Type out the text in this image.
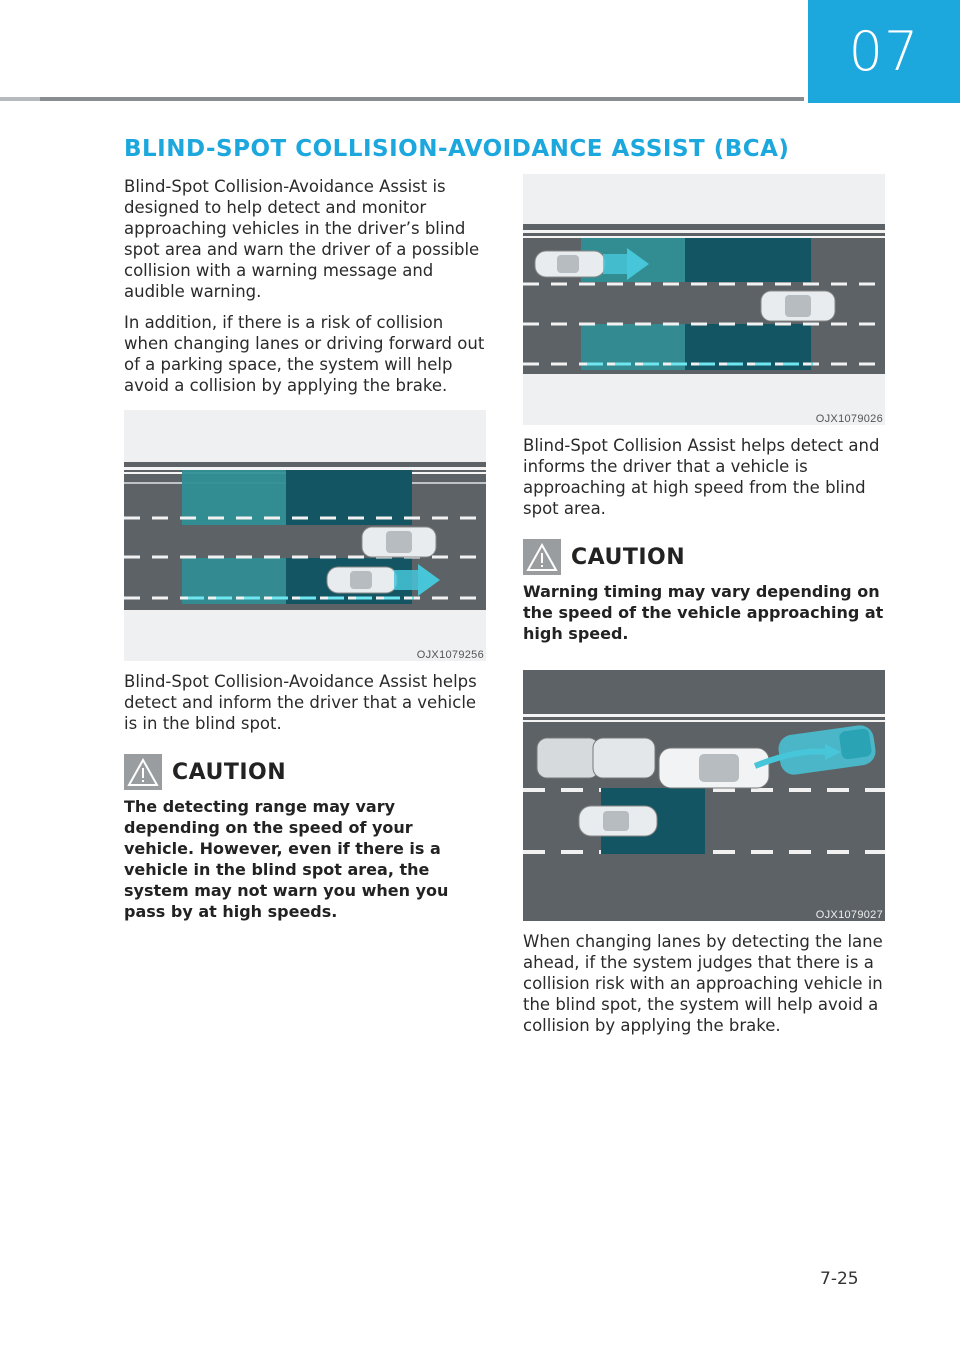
07
BLIND-SPOT COLLISION-AVOIDANCE ASSIST (BCA)

Blind-Spot Collision-Avoidance Assist is designed to help detect and monitor approaching vehicles in the driver’s blind spot area and warn the driver of a possible collision with a warning message and audible warning.

In addition, if there is a risk of collision when changing lanes or driving forward out of a parking space, the system will help avoid a collision by applying the brake.

OJX1079256

Blind-Spot Collision-Avoidance Assist helps detect and inform the driver that a vehicle is in the blind spot.

CAUTION

The detecting range may vary depending on the speed of your vehicle. However, even if there is a vehicle in the blind spot area, the system may not warn you when you pass by at high speeds.

OJX1079026

Blind-Spot Collision Assist helps detect and informs the driver that a vehicle is approaching at high speed from the blind spot area.

CAUTION

Warning timing may vary depending on the speed of the vehicle approaching at high speed.

OJX1079027

When changing lanes by detecting the lane ahead, if the system judges that there is a collision risk with an approaching vehicle in the blind spot, the system will help avoid a collision by applying the brake.

7-25
